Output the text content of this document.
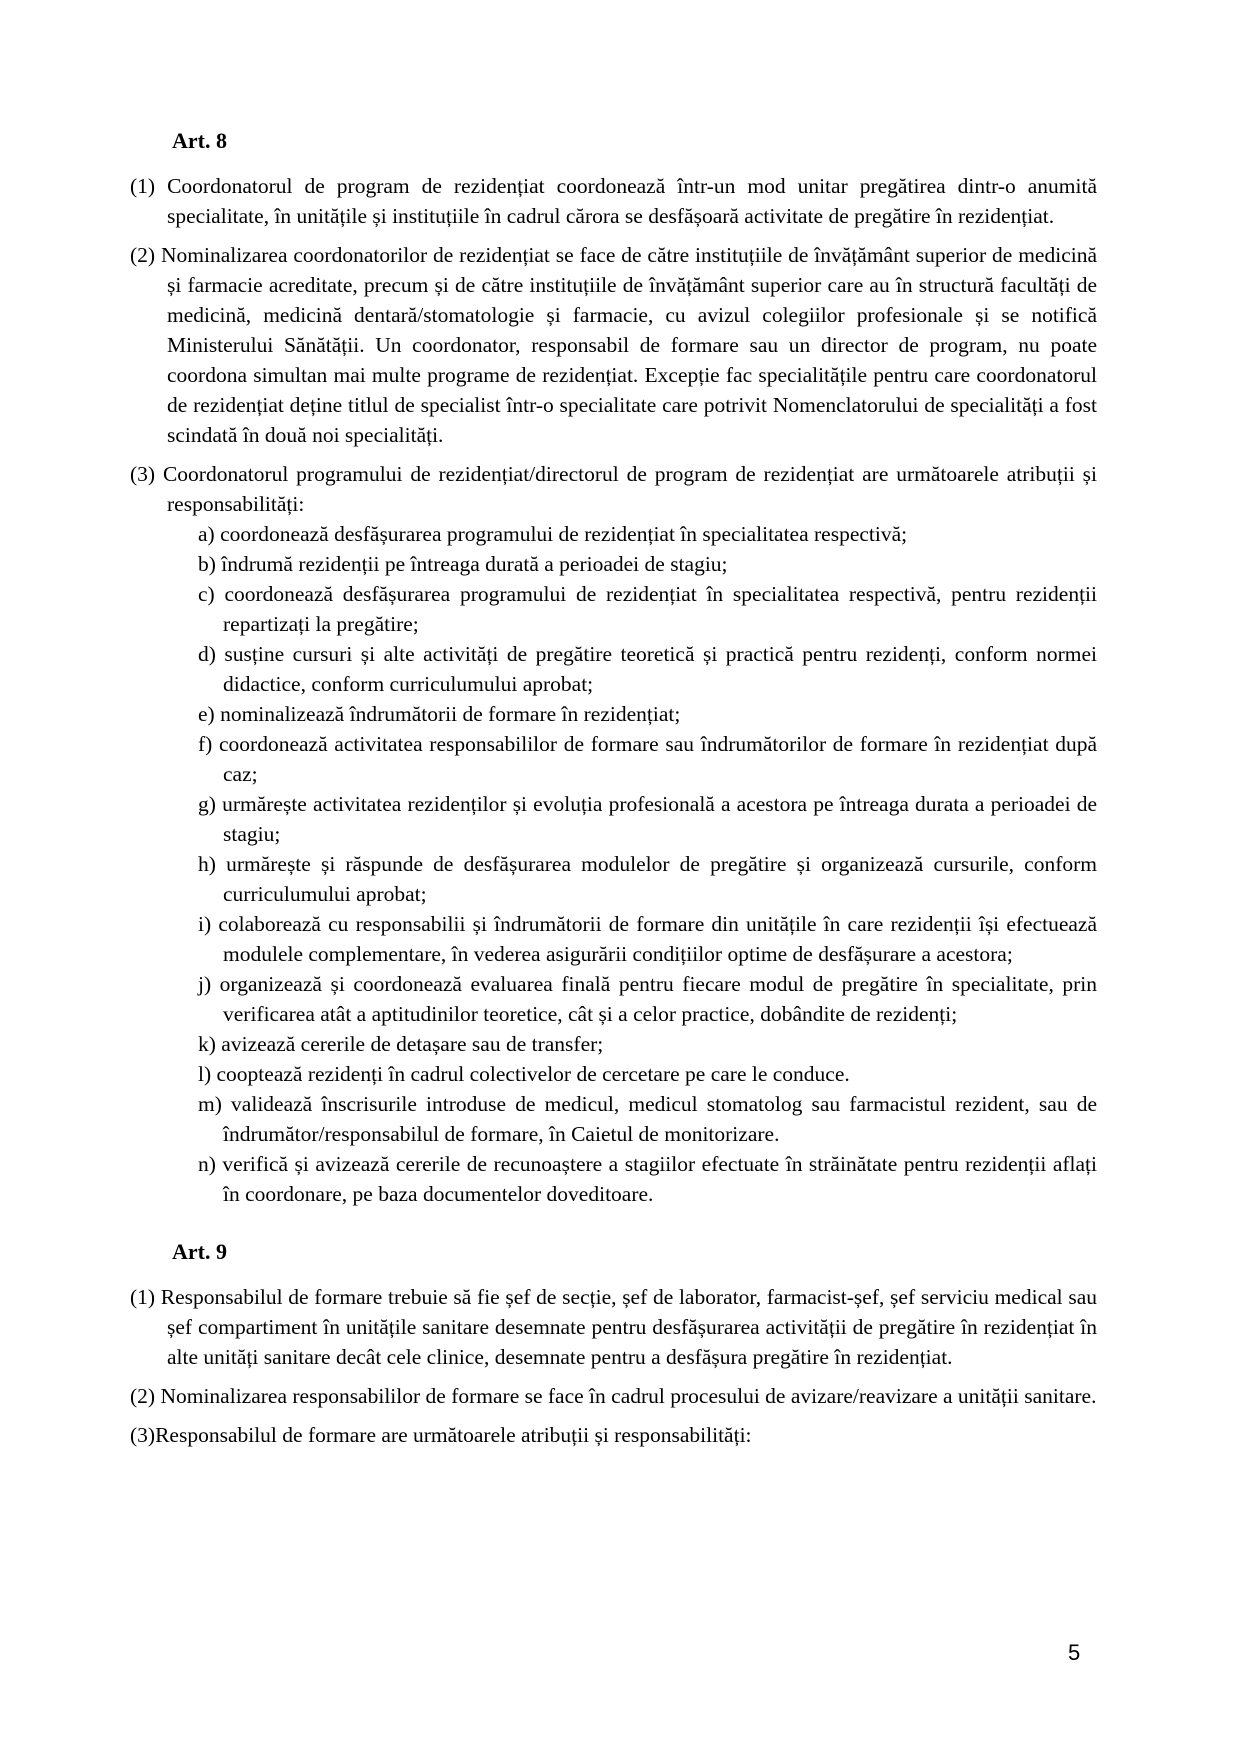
Art. 8

(1) Coordonatorul de program de rezidențiat coordonează într-un mod unitar pregătirea dintr-o anumită specialitate, în unitățile și instituțiile în cadrul cărora se desfășoară activitate de pregătire în rezidențiat.

(2) Nominalizarea coordonatorilor de rezidențiat se face de către instituțiile de învățământ superior de medicină și farmacie acreditate, precum și de către instituțiile de învățământ superior care au în structură facultăți de medicină, medicină dentară/stomatologie și farmacie, cu avizul colegiilor profesionale și se notifică Ministerului Sănătății. Un coordonator, responsabil de formare sau un director de program, nu poate coordona simultan mai multe programe de rezidențiat. Excepție fac specialitățile pentru care coordonatorul de rezidențiat deține titlul de specialist într-o specialitate care potrivit Nomenclatorului de specialități a fost scindată în două noi specialități.

(3) Coordonatorul programului de rezidențiat/directorul de program de rezidențiat are următoarele atribuții și responsabilități:

a) coordonează desfășurarea programului de rezidențiat în specialitatea respectivă;
b) îndrumă rezidenții pe întreaga durată a perioadei de stagiu;
c) coordonează desfășurarea programului de rezidențiat în specialitatea respectivă, pentru rezidenții repartizați la pregătire;
d) susține cursuri și alte activități de pregătire teoretică și practică pentru rezidenți, conform normei didactice, conform curriculumului aprobat;
e) nominalizează îndrumătorii de formare în rezidențiat;
f) coordonează activitatea responsabililor de formare sau îndrumătorilor de formare în rezidențiat după caz;
g) urmărește activitatea rezidenților și evoluția profesională a acestora pe întreaga durata a perioadei de stagiu;
h) urmărește și răspunde de desfășurarea modulelor de pregătire și organizează cursurile, conform curriculumului aprobat;
i) colaborează cu responsabilii și îndrumătorii de formare din unitățile în care rezidenții își efectuează modulele complementare, în vederea asigurării condițiilor optime de desfășurare a acestora;
j) organizează și coordonează evaluarea finală pentru fiecare modul de pregătire în specialitate, prin verificarea atât a aptitudinilor teoretice, cât și a celor practice, dobândite de rezidenți;
k) avizează cererile de detașare sau de transfer;
l) cooptează rezidenți în cadrul colectivelor de cercetare pe care le conduce.
m) validează înscrisurile introduse de medicul, medicul stomatolog sau farmacistul rezident, sau de îndrumător/responsabilul de formare, în Caietul de monitorizare.
n) verifică și avizează cererile de recunoaștere a stagiilor efectuate în străinătate pentru rezidenții aflați în coordonare, pe baza documentelor doveditoare.
Art. 9

(1) Responsabilul de formare trebuie să fie șef de secție, șef de laborator, farmacist-șef, șef serviciu medical sau șef compartiment în unitățile sanitare desemnate pentru desfășurarea activității de pregătire în rezidențiat în alte unități sanitare decât cele clinice, desemnate pentru a desfășura pregătire în rezidențiat.

(2) Nominalizarea responsabililor de formare se face în cadrul procesului de avizare/reavizare a unității sanitare.

(3)Responsabilul de formare are următoarele atribuții și responsabilități:

5
